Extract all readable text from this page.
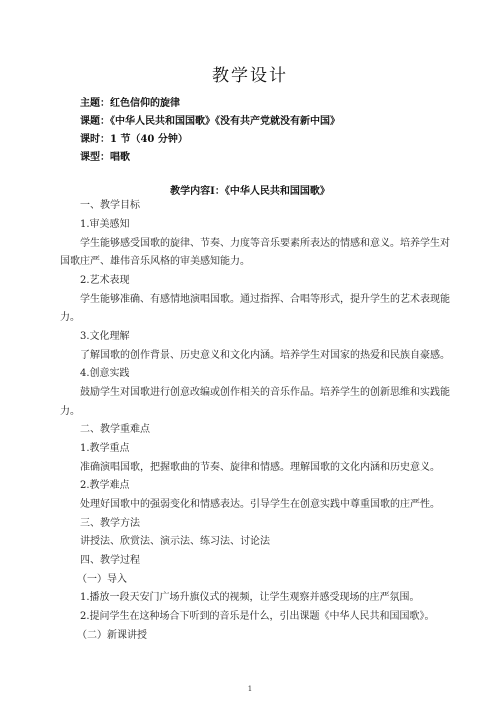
教学设计
主题：红色信仰的旋律
课题：《中华人民共和国国歌》《没有共产党就没有新中国》
课时：1 节（40 分钟）
课型：唱歌
教学内容Ⅰ：《中华人民共和国国歌》
一、教学目标
1.审美感知
学生能够感受国歌的旋律、节奏、力度等音乐要素所表达的情感和意义。培养学生对
国歌庄严、雄伟音乐风格的审美感知能力。
2.艺术表现
学生能够准确、有感情地演唱国歌。通过指挥、合唱等形式，提升学生的艺术表现能
力。
3.文化理解
了解国歌的创作背景、历史意义和文化内涵。培养学生对国家的热爱和民族自豪感。
4.创意实践
鼓励学生对国歌进行创意改编或创作相关的音乐作品。培养学生的创新思维和实践能
力。
二、教学重难点
1.教学重点
准确演唱国歌，把握歌曲的节奏、旋律和情感。理解国歌的文化内涵和历史意义。
2.教学难点
处理好国歌中的强弱变化和情感表达。引导学生在创意实践中尊重国歌的庄严性。
三、教学方法
讲授法、欣赏法、演示法、练习法、讨论法
四、教学过程
（一）导入
1.播放一段天安门广场升旗仪式的视频，让学生观察并感受现场的庄严氛围。
2.提问学生在这种场合下听到的音乐是什么，引出课题《中华人民共和国国歌》。
（二）新课讲授
1
